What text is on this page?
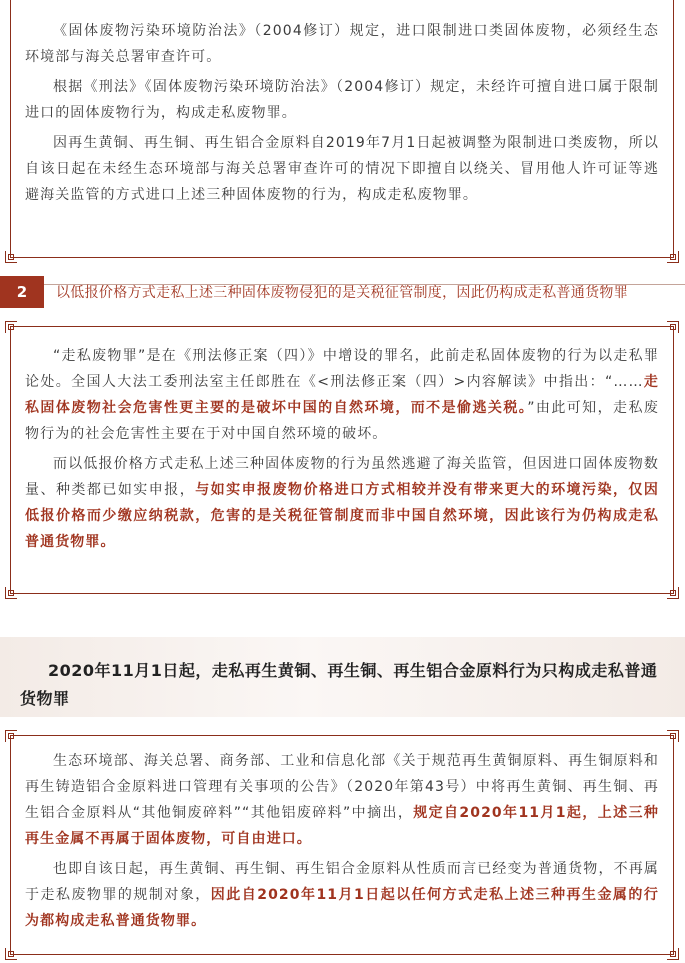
《固体废物污染环境防治法》（2004修订）规定，进口限制进口类固体废物，必须经生态环境部与海关总署审查许可。

根据《刑法》《固体废物污染环境防治法》（2004修订）规定，未经许可擅自进口属于限制进口的固体废物行为，构成走私废物罪。

因再生黄铜、再生铜、再生铝合金原料自2019年7月1日起被调整为限制进口类废物，所以自该日起在未经生态环境部与海关总署审查许可的情况下即擅自以绕关、冒用他人许可证等逃避海关监管的方式进口上述三种固体废物的行为，构成走私废物罪。

2	以低报价格方式走私上述三种固体废物侵犯的是关税征管制度，因此仍构成走私普通货物罪

“走私废物罪”是在《刑法修正案（四）》中增设的罪名，此前走私固体废物的行为以走私罪论处。全国人大法工委刑法室主任郎胜在《<刑法修正案（四）>内容解读》中指出：“……走私固体废物社会危害性更主要的是破坏中国的自然环境，而不是偷逃关税。”由此可知，走私废物行为的社会危害性主要在于对中国自然环境的破坏。

而以低报价格方式走私上述三种固体废物的行为虽然逃避了海关监管，但因进口固体废物数量、种类都已如实申报，与如实申报废物价格进口方式相较并没有带来更大的环境污染，仅因低报价格而少缴应纳税款，危害的是关税征管制度而非中国自然环境，因此该行为仍构成走私普通货物罪。

2020年11月1日起，走私再生黄铜、再生铜、再生铝合金原料行为只构成走私普通货物罪

生态环境部、海关总署、商务部、工业和信息化部《关于规范再生黄铜原料、再生铜原料和再生铸造铝合金原料进口管理有关事项的公告》（2020年第43号）中将再生黄铜、再生铜、再生铝合金原料从“其他铜废碎料”“其他铝废碎料”中摘出，规定自2020年11月1起，上述三种再生金属不再属于固体废物，可自由进口。

也即自该日起，再生黄铜、再生铜、再生铝合金原料从性质而言已经变为普通货物，不再属于走私废物罪的规制对象，因此自2020年11月1日起以任何方式走私上述三种再生金属的行为都构成走私普通货物罪。
